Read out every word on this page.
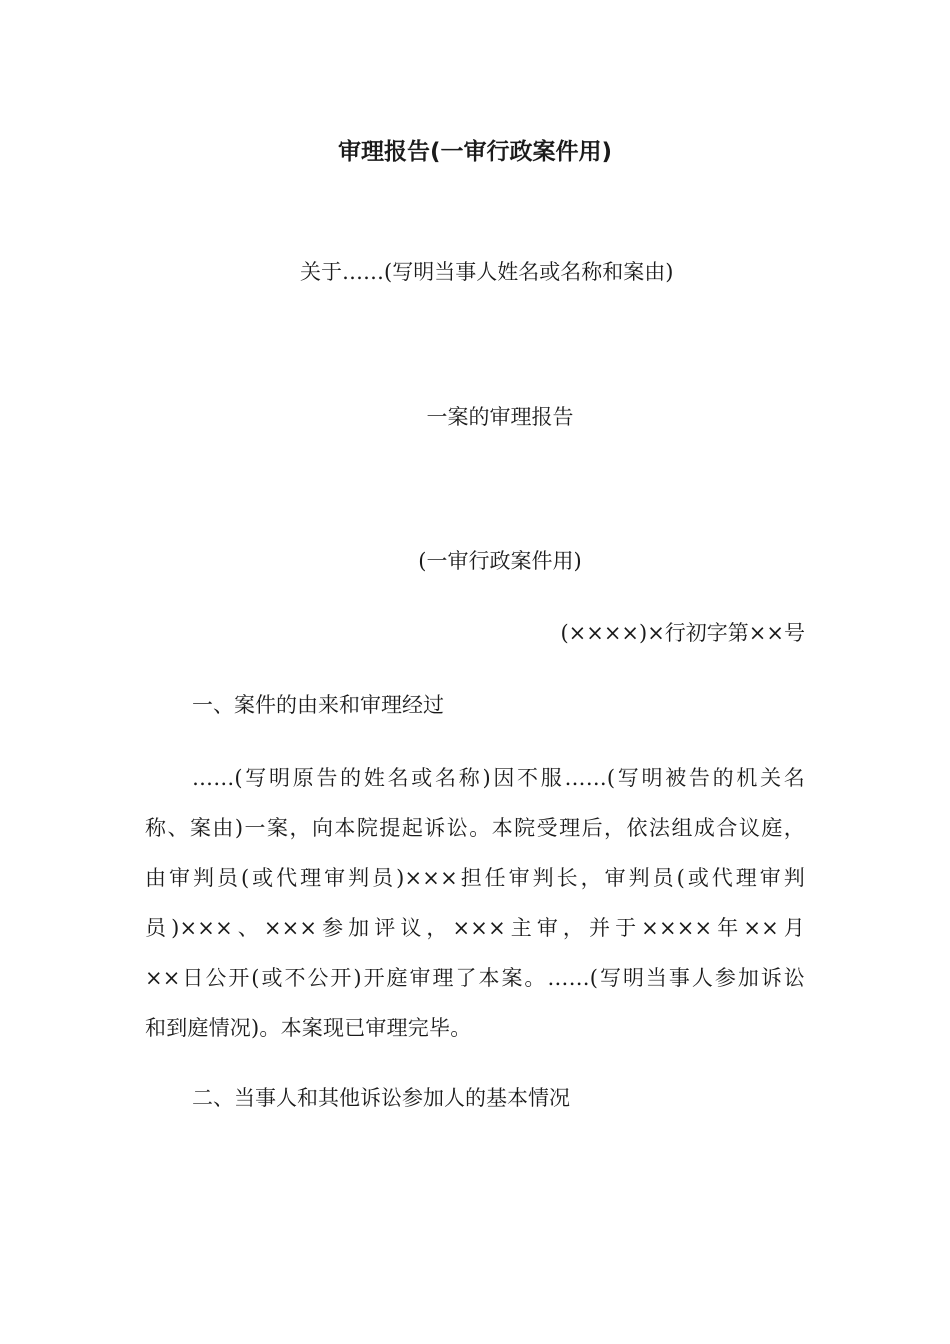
审理报告(一审行政案件用)
关于……(写明当事人姓名或名称和案由)
一案的审理报告
(一审行政案件用)
(××××)×行初字第××号
一、案件的由来和审理经过
……(写明原告的姓名或名称)因不服……(写明被告的机关名
称、案由)一案，向本院提起诉讼。本院受理后，依法组成合议庭，
由审判员(或代理审判员)×××担任审判长，审判员(或代理审判
员)×××、×××参加评议，×××主审，并于××××年××月
××日公开(或不公开)开庭审理了本案。……(写明当事人参加诉讼
和到庭情况)。本案现已审理完毕。
二、当事人和其他诉讼参加人的基本情况
